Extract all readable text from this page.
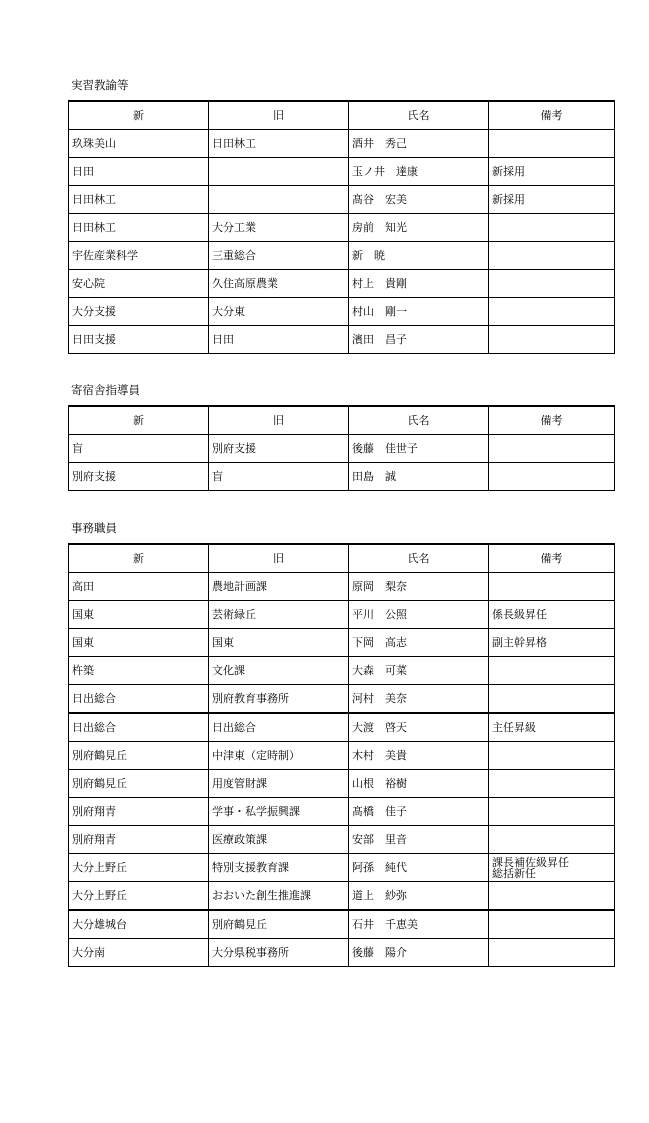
実習教諭等
新	旧	氏名	備考
玖珠美山	日田林工	酒井　秀己	
日田		玉ノ井　達康	新採用
日田林工		髙谷　宏美	新採用
日田林工	大分工業	房前　知光	
宇佐産業科学	三重総合	新　暁	
安心院	久住高原農業	村上　貴剛	
大分支援	大分東	村山　剛一	
日田支援	日田	濱田　昌子	
寄宿舎指導員
新	旧	氏名	備考
盲	別府支援	後藤　佳世子	
別府支援	盲	田島　誠	
事務職員
新	旧	氏名	備考
高田	農地計画課	原岡　梨奈	
国東	芸術緑丘	平川　公照	係長級昇任
国東	国東	下岡　高志	副主幹昇格
杵築	文化課	大森　可菜	
日出総合	別府教育事務所	河村　美奈	
日出総合	日出総合	大渡　啓天	主任昇級
別府鶴見丘	中津東（定時制）	木村　美貴	
別府鶴見丘	用度管財課	山根　裕樹	
別府翔青	学事・私学振興課	髙橋　佳子	
別府翔青	医療政策課	安部　里音	
大分上野丘	特別支援教育課	阿孫　純代	課長補佐級昇任
総括新任
大分上野丘	おおいた創生推進課	道上　紗弥	
大分雄城台	別府鶴見丘	石井　千恵美	
大分南	大分県税事務所	後藤　陽介	
